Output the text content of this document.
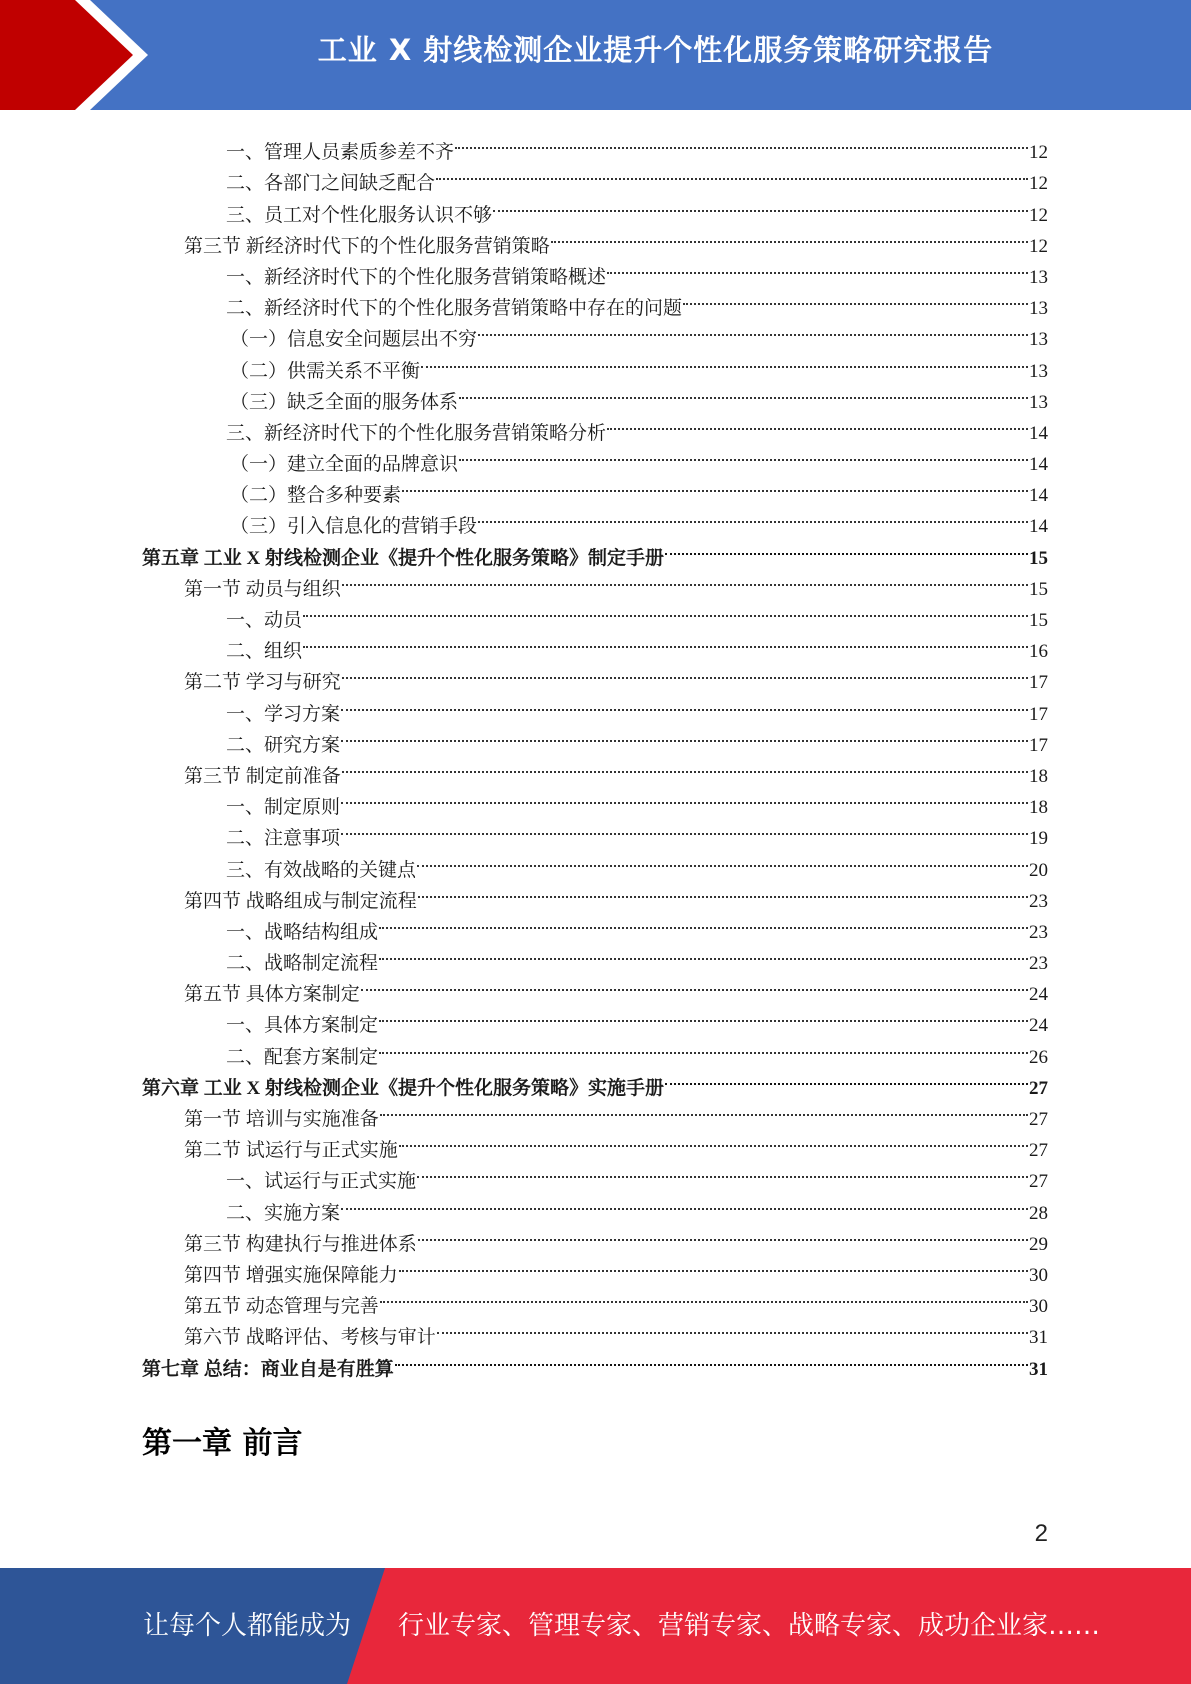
工业 X 射线检测企业提升个性化服务策略研究报告
一、管理人员素质参差不齐	12
二、各部门之间缺乏配合	12
三、员工对个性化服务认识不够	12
第三节 新经济时代下的个性化服务营销策略	12
一、新经济时代下的个性化服务营销策略概述	13
二、新经济时代下的个性化服务营销策略中存在的问题	13
（一）信息安全问题层出不穷	13
（二）供需关系不平衡	13
（三）缺乏全面的服务体系	13
三、新经济时代下的个性化服务营销策略分析	14
（一）建立全面的品牌意识	14
（二）整合多种要素	14
（三）引入信息化的营销手段	14
第五章 工业 X 射线检测企业《提升个性化服务策略》制定手册	15
第一节 动员与组织	15
一、动员	15
二、组织	16
第二节 学习与研究	17
一、学习方案	17
二、研究方案	17
第三节 制定前准备	18
一、制定原则	18
二、注意事项	19
三、有效战略的关键点	20
第四节 战略组成与制定流程	23
一、战略结构组成	23
二、战略制定流程	23
第五节 具体方案制定	24
一、具体方案制定	24
二、配套方案制定	26
第六章 工业 X 射线检测企业《提升个性化服务策略》实施手册	27
第一节 培训与实施准备	27
第二节 试运行与正式实施	27
一、试运行与正式实施	27
二、实施方案	28
第三节 构建执行与推进体系	29
第四节 增强实施保障能力	30
第五节 动态管理与完善	30
第六节 战略评估、考核与审计	31
第七章 总结：商业自是有胜算	31
第一章 前言
2
让每个人都能成为 行业专家、管理专家、营销专家、战略专家、成功企业家……
